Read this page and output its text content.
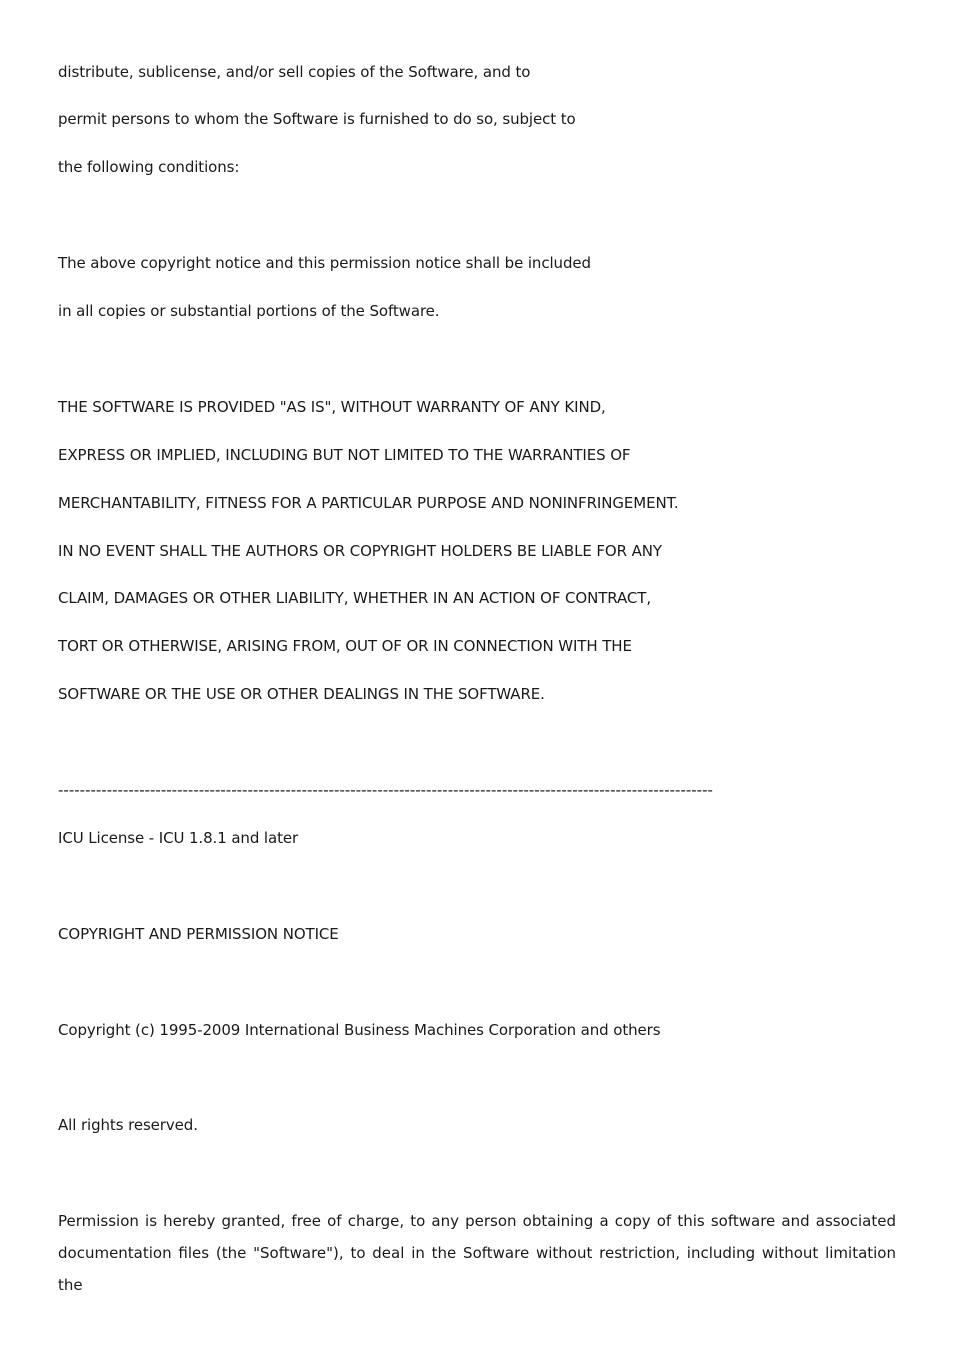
distribute, sublicense, and/or sell copies of the Software, and to
permit persons to whom the Software is furnished to do so, subject to
the following conditions:
The above copyright notice and this permission notice shall be included
in all copies or substantial portions of the Software.
THE SOFTWARE IS PROVIDED "AS IS", WITHOUT WARRANTY OF ANY KIND,
EXPRESS OR IMPLIED, INCLUDING BUT NOT LIMITED TO THE WARRANTIES OF
MERCHANTABILITY, FITNESS FOR A PARTICULAR PURPOSE AND NONINFRINGEMENT.
IN NO EVENT SHALL THE AUTHORS OR COPYRIGHT HOLDERS BE LIABLE FOR ANY
CLAIM, DAMAGES OR OTHER LIABILITY, WHETHER IN AN ACTION OF CONTRACT,
TORT OR OTHERWISE, ARISING FROM, OUT OF OR IN CONNECTION WITH THE
SOFTWARE OR THE USE OR OTHER DEALINGS IN THE SOFTWARE.
-------------------------------------------------------------------------------------------------------------------------
ICU License - ICU 1.8.1 and later
COPYRIGHT AND PERMISSION NOTICE
Copyright (c) 1995-2009 International Business Machines Corporation and others
All rights reserved.
Permission is hereby granted, free of charge, to any person obtaining a copy of this software and associated
documentation files (the "Software"), to deal in the Software without restriction, including without limitation the
